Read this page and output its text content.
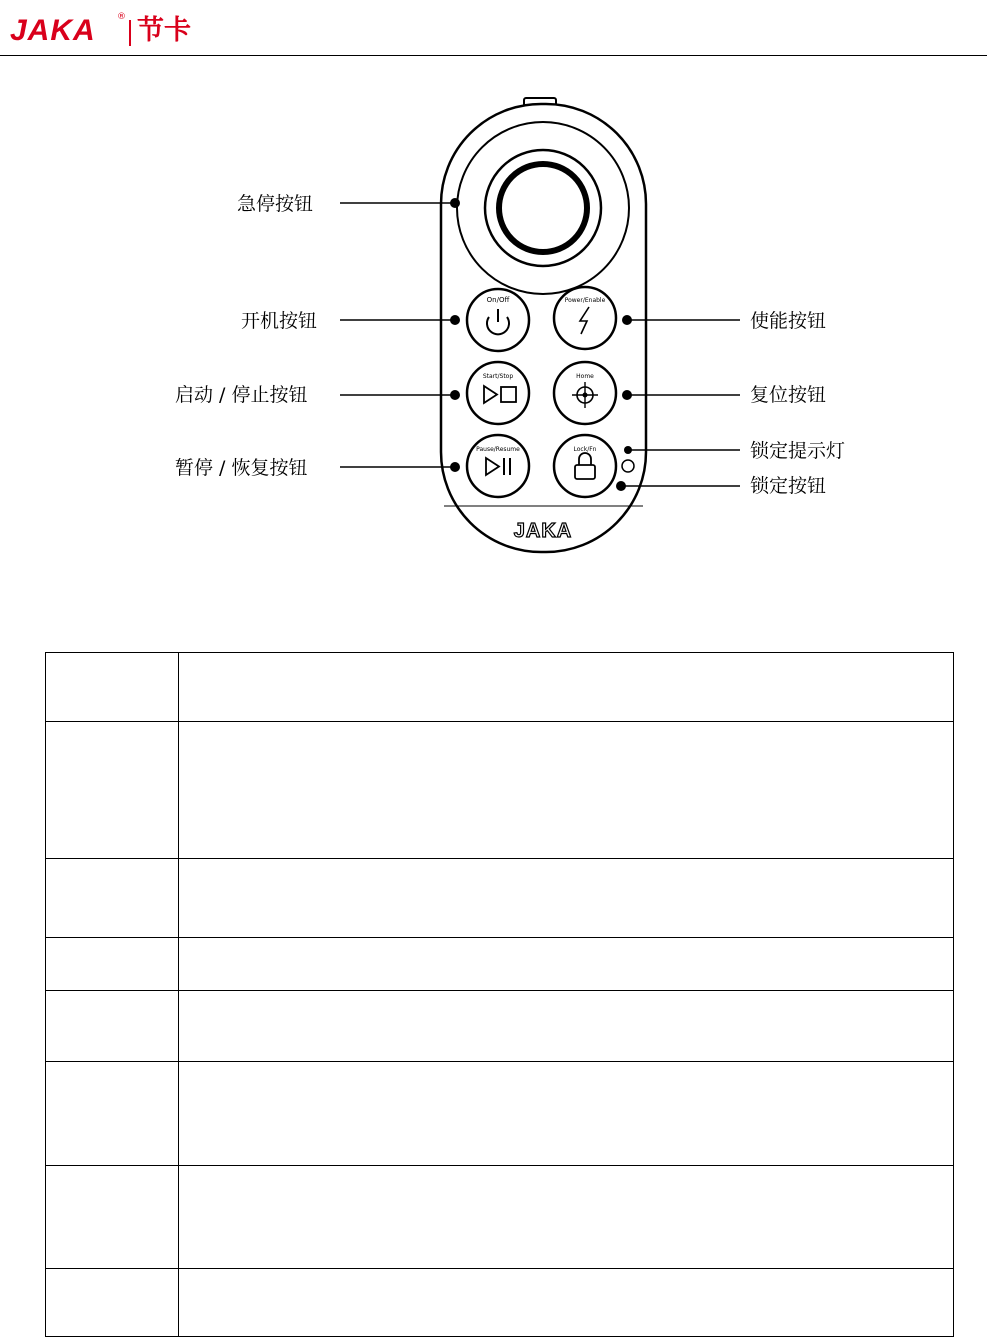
JAKA ® 节卡
On/Off	Power/Enable
Start/Stop	Home
Pause/Resume	Lock/Fn
JAKA
急停按钮
开机按钮
启动 / 停止按钮
暂停 / 恢复按钮
使能按钮
复位按钮
锁定提示灯
锁定按钮
